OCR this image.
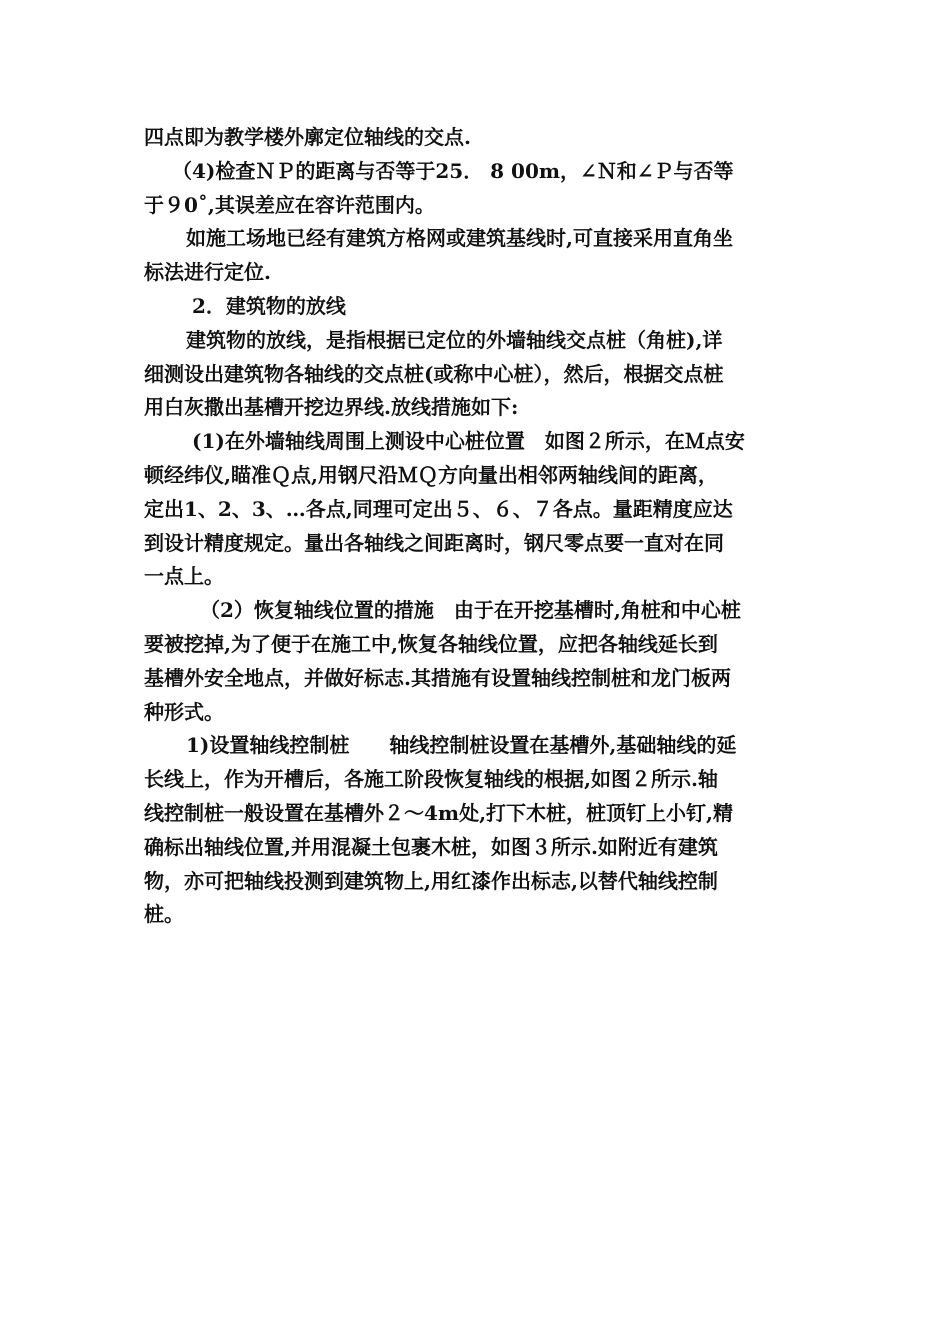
四点即为教学楼外廓定位轴线的交点.
（4)检查ＮＰ的距离与否等于25． 8 00m，∠Ｎ和∠Ｐ与否等
于９0˚,其误差应在容许范围内。
如施工场地已经有建筑方格网或建筑基线时,可直接采用直角坐
标法进行定位.
2．建筑物的放线
建筑物的放线，是指根据已定位的外墙轴线交点桩（角桩),详
细测设出建筑物各轴线的交点桩(或称中心桩），然后，根据交点桩
用白灰撒出基槽开挖边界线.放线措施如下:
(1)在外墙轴线周围上测设中心桩位置　如图２所示，在Ｍ点安
顿经纬仪,瞄准Ｑ点,用钢尺沿ＭＱ方向量出相邻两轴线间的距离，
定出1、2、3、…各点,同理可定出５、６、７各点。量距精度应达
到设计精度规定。量出各轴线之间距离时，钢尺零点要一直对在同
一点上。
（2）恢复轴线位置的措施　由于在开挖基槽时,角桩和中心桩
要被挖掉,为了便于在施工中,恢复各轴线位置，应把各轴线延长到
基槽外安全地点，并做好标志.其措施有设置轴线控制桩和龙门板两
种形式。
1)设置轴线控制桩　　轴线控制桩设置在基槽外,基础轴线的延
长线上，作为开槽后，各施工阶段恢复轴线的根据,如图２所示.轴
线控制桩一般设置在基槽外２～4m处,打下木桩，桩顶钉上小钉,精
确标出轴线位置,并用混凝土包裹木桩，如图３所示.如附近有建筑
物，亦可把轴线投测到建筑物上,用红漆作出标志,以替代轴线控制
桩。
